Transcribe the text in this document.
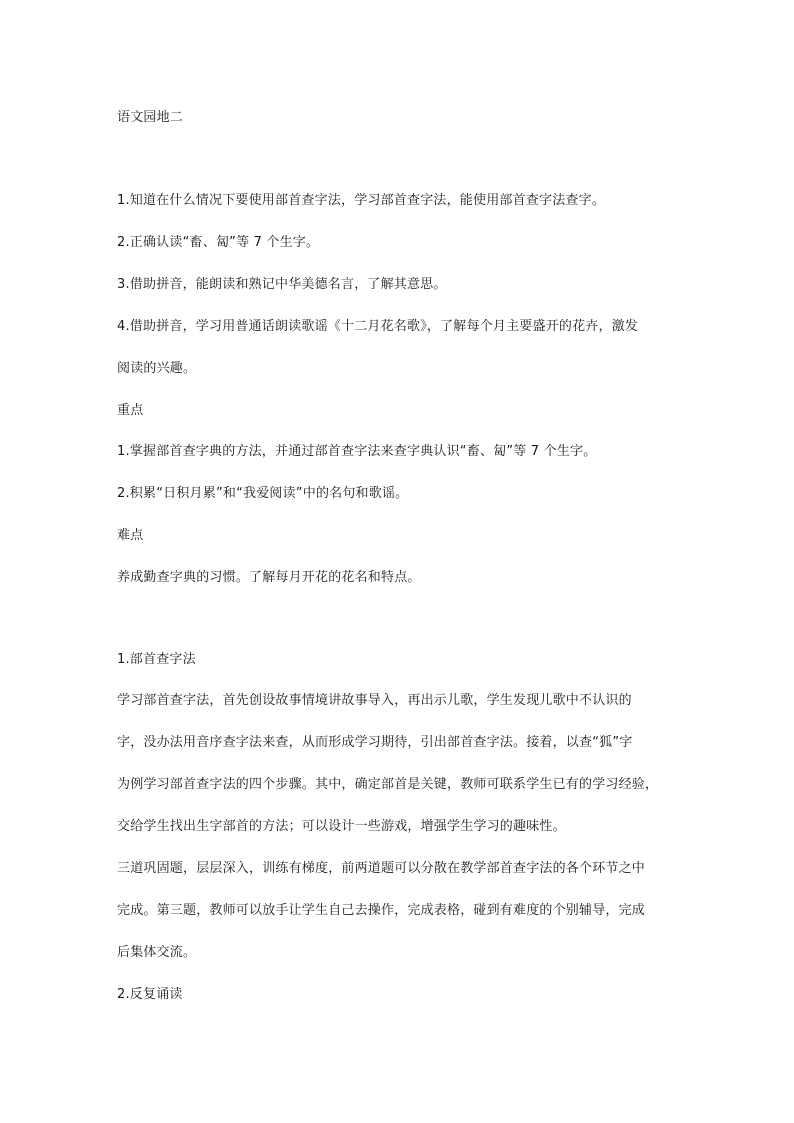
语文园地二
1.知道在什么情况下要使用部首查字法，学习部首查字法，能使用部首查字法查字。
2.正确认读“畜、匐”等 7 个生字。
3.借助拼音，能朗读和熟记中华美德名言，了解其意思。
4.借助拼音，学习用普通话朗读歌谣《十二月花名歌》，了解每个月主要盛开的花卉，激发
阅读的兴趣。
重点
1.掌握部首查字典的方法，并通过部首查字法来查字典认识“畜、匐”等 7 个生字。
2.积累“日积月累”和“我爱阅读”中的名句和歌谣。
难点
养成勤查字典的习惯。了解每月开花的花名和特点。
1.部首查字法
学习部首查字法，首先创设故事情境讲故事导入，再出示儿歌，学生发现儿歌中不认识的
字，没办法用音序查字法来查，从而形成学习期待，引出部首查字法。接着，以查“狐”字
为例学习部首查字法的四个步骤。其中，确定部首是关键，教师可联系学生已有的学习经验，
交给学生找出生字部首的方法；可以设计一些游戏，增强学生学习的趣味性。
三道巩固题，层层深入，训练有梯度，前两道题可以分散在教学部首查字法的各个环节之中
完成。第三题，教师可以放手让学生自己去操作，完成表格，碰到有难度的个别辅导，完成
后集体交流。
2.反复诵读
